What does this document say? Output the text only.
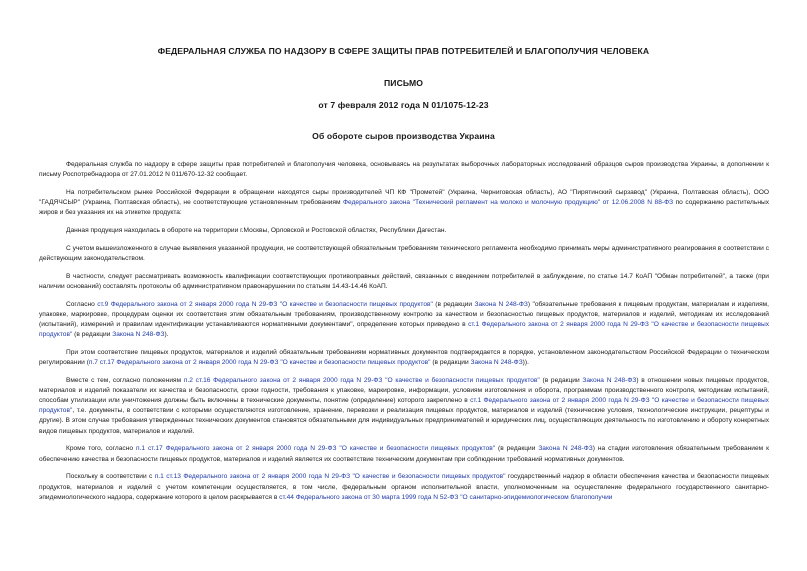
ФЕДЕРАЛЬНАЯ СЛУЖБА ПО НАДЗОРУ В СФЕРЕ ЗАЩИТЫ ПРАВ ПОТРЕБИТЕЛЕЙ И БЛАГОПОЛУЧИЯ ЧЕЛОВЕКА
ПИСЬМО
от 7 февраля 2012 года N 01/1075-12-23
Об обороте сыров производства Украина

Федеральная служба по надзору в сфере защиты прав потребителей и благополучия человека, основываясь на результатах выборочных лабораторных исследований образцов сыров производства Украины, в дополнении к письму Роспотребнадзора от 27.01.2012 N 011/670-12-32 сообщает.

На потребительском рынке Российской Федерации в обращении находятся сыры производителей ЧП КФ "Прометей" (Украина, Черниговская область), АО "Пирятинский сырзавод" (Украина, Полтавская область), ООО "ГАДЯЧСЫР" (Украина, Полтавская область), не соответствующие установленным требованиям Федерального закона "Технический регламент на молоко и молочную продукцию" от 12.06.2008 N 88-ФЗ по содержанию растительных жиров и без указания их на этикетке продукта:

Данная продукция находилась в обороте на территории г.Москвы, Орловской и Ростовской областях, Республики Дагестан.

С учетом вышеизложенного в случае выявления указанной продукции, не соответствующей обязательным требованиям технического регламента необходимо принимать меры административного реагирования в соответствии с действующим законодательством.

В частности, следует рассматривать возможность квалификации соответствующих противоправных действий, связанных с введением потребителей в заблуждение, по статье 14.7 КоАП "Обман потребителей", а также (при наличии оснований) составлять протоколы об административном правонарушении по статьям 14.43-14.46 КоАП.

Согласно ст.9 Федерального закона от 2 января 2000 года N 29-ФЗ "О качестве и безопасности пищевых продуктов" (в редакции Закона N 248-ФЗ) "обязательные требования к пищевым продуктам, материалам и изделиям, упаковке, маркировке, процедурам оценки их соответствия этим обязательным требованиям, производственному контролю за качеством и безопасностью пищевых продуктов, материалов и изделий, методикам их исследований (испытаний), измерений и правилам идентификации устанавливаются нормативными документами", определение которых приведено в ст.1 Федерального закона от 2 января 2000 года N 29-ФЗ "О качестве и безопасности пищевых продуктов" (в редакции Закона N 248-ФЗ).

При этом соответствие пищевых продуктов, материалов и изделий обязательным требованиям нормативных документов подтверждается в порядке, установленном законодательством Российской Федерации о техническом регулировании (п.7 ст.17 Федерального закона от 2 января 2000 года N 29-ФЗ "О качестве и безопасности пищевых продуктов" (в редакции Закона N 248-ФЗ)).

Вместе с тем, согласно положениям п.2 ст.16 Федерального закона от 2 января 2000 года N 29-ФЗ "О качестве и безопасности пищевых продуктов" (в редакции Закона N 248-ФЗ) в отношении новых пищевых продуктов, материалов и изделий показатели их качества и безопасности, сроки годности, требования к упаковке, маркировке, информации, условиям изготовления и оборота, программам производственного контроля, методикам испытаний, способам утилизации или уничтожения должны быть включены в технические документы, понятие (определение) которого закреплено в ст.1 Федерального закона от 2 января 2000 года N 29-ФЗ "О качестве и безопасности пищевых продуктов", т.е. документы, в соответствии с которыми осуществляются изготовление, хранение, перевозки и реализация пищевых продуктов, материалов и изделий (технические условия, технологические инструкции, рецептуры и другие). В этом случае требования утвержденных технических документов становятся обязательными для индивидуальных предпринимателей и юридических лиц, осуществляющих деятельность по изготовлению и обороту конкретных видов пищевых продуктов, материалов и изделий.

Кроме того, согласно п.1 ст.17 Федерального закона от 2 января 2000 года N 29-ФЗ "О качестве и безопасности пищевых продуктов" (в редакции Закона N 248-ФЗ) на стадии изготовления обязательным требованием к обеспечению качества и безопасности пищевых продуктов, материалов и изделий является их соответствие техническим документам при соблюдении требований нормативных документов.

Поскольку в соответствии с п.1 ст.13 Федерального закона от 2 января 2000 года N 29-ФЗ "О качестве и безопасности пищевых продуктов" государственный надзор в области обеспечения качества и безопасности пищевых продуктов, материалов и изделий с учетом компетенции осуществляется, в том числе, федеральным органом исполнительной власти, уполномоченным на осуществление федерального государственного санитарно-эпидемиологического надзора, содержание которого в целом раскрывается в ст.44 Федерального закона от 30 марта 1999 года N 52-ФЗ "О санитарно-эпидемиологическом благополучии
